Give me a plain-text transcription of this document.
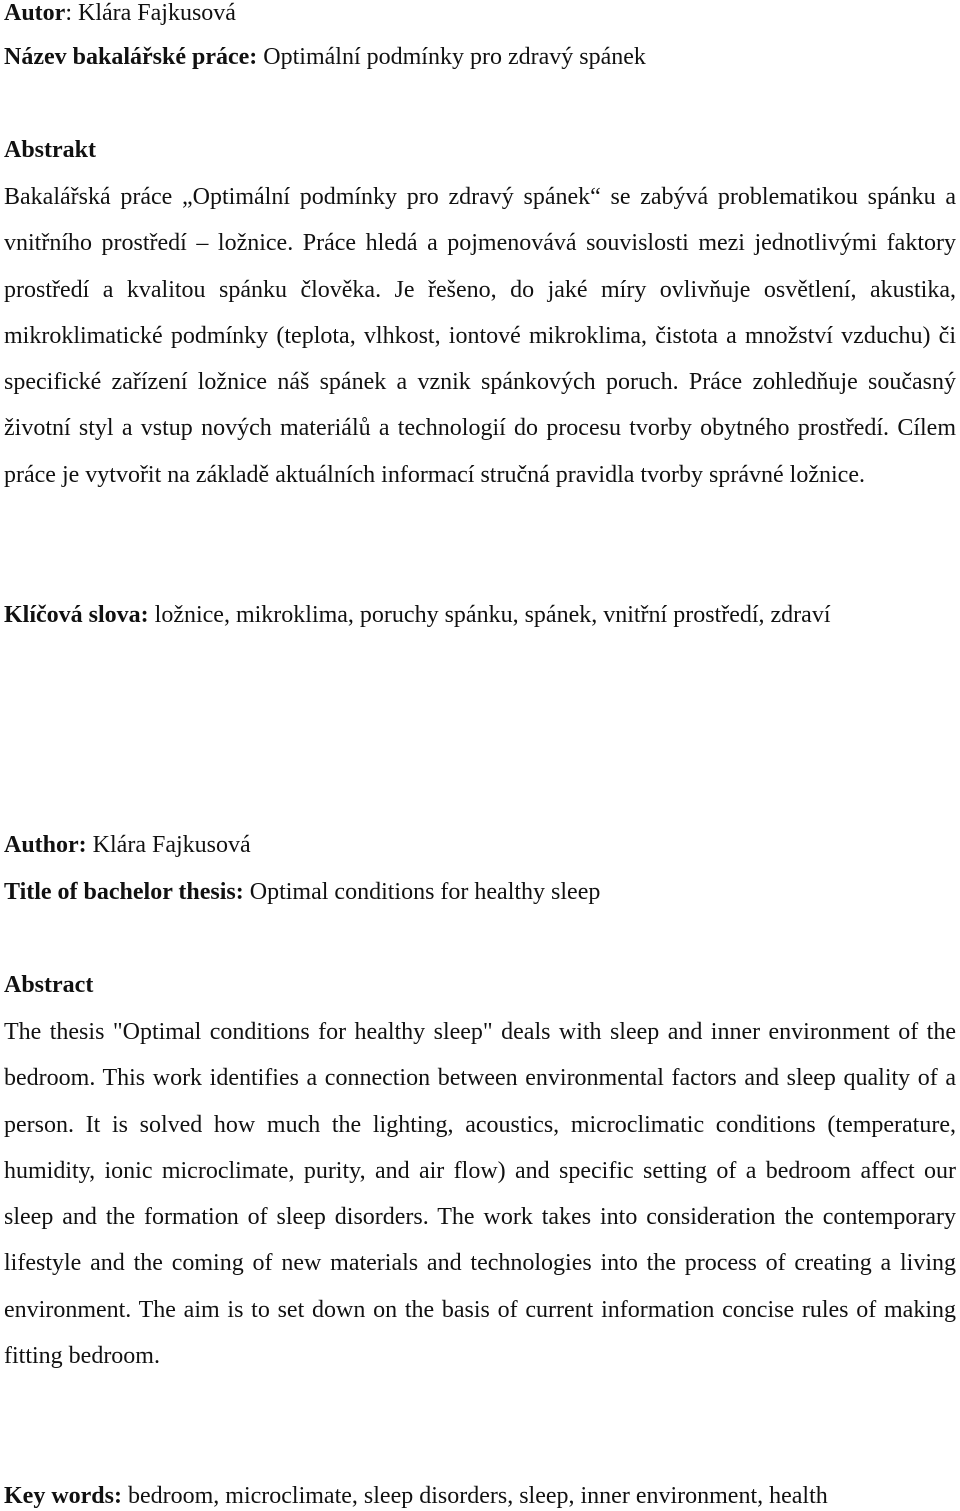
Autor: Klára Fajkusová

Název bakalářské práce: Optimální podmínky pro zdravý spánek

Abstrakt

Bakalářská práce „Optimální podmínky pro zdravý spánek“ se zabývá problematikou spánku a vnitřního prostředí – ložnice. Práce hledá a pojmenovává souvislosti mezi jednotlivými faktory prostředí a kvalitou spánku člověka. Je řešeno, do jaké míry ovlivňuje osvětlení, akustika, mikroklimatické podmínky (teplota, vlhkost, iontové mikroklima, čistota a množství vzduchu) či specifické zařízení ložnice náš spánek a vznik spánkových poruch. Práce zohledňuje současný životní styl a vstup nových materiálů a technologií do procesu tvorby obytného prostředí. Cílem práce je vytvořit na základě aktuálních informací stručná pravidla tvorby správné ložnice.

Klíčová slova: ložnice, mikroklima, poruchy spánku, spánek, vnitřní prostředí, zdraví

Author: Klára Fajkusová

Title of bachelor thesis: Optimal conditions for healthy sleep

Abstract

The thesis "Optimal conditions for healthy sleep" deals with sleep and inner environment of the bedroom. This work identifies a connection between environmental factors and sleep quality of a person. It is solved how much the lighting, acoustics, microclimatic conditions (temperature, humidity, ionic microclimate, purity, and air flow) and specific setting of a bedroom affect our sleep and the formation of sleep disorders. The work takes into consideration the contemporary lifestyle and the coming of new materials and technologies into the process of creating a living environment. The aim is to set down on the basis of current information concise rules of making fitting bedroom.

Key words: bedroom, microclimate, sleep disorders, sleep, inner environment, health
